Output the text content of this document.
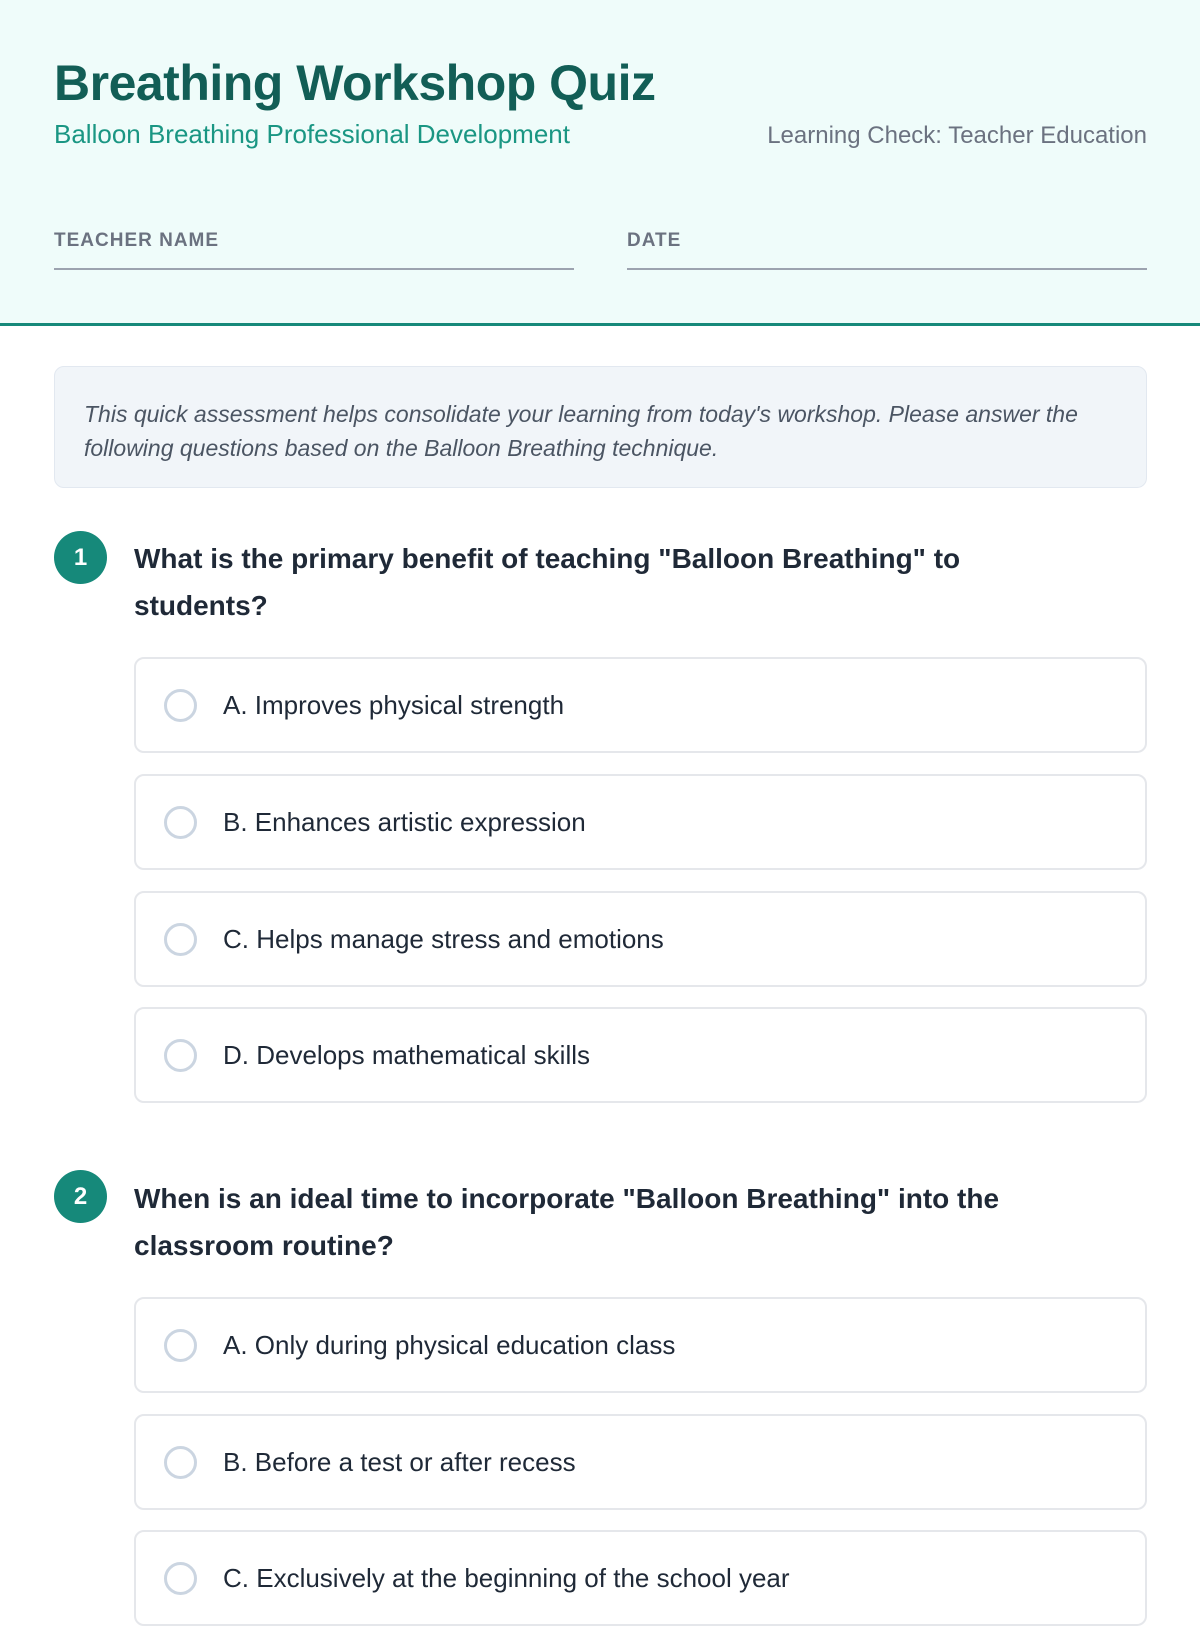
Breathing Workshop Quiz
Balloon Breathing Professional Development	Learning Check: Teacher Education
TEACHER NAME	DATE
This quick assessment helps consolidate your learning from today's workshop. Please answer the following questions based on the Balloon Breathing technique.
1	What is the primary benefit of teaching "Balloon Breathing" to students?
A. Improves physical strength
B. Enhances artistic expression
C. Helps manage stress and emotions
D. Develops mathematical skills
2	When is an ideal time to incorporate "Balloon Breathing" into the classroom routine?
A. Only during physical education class
B. Before a test or after recess
C. Exclusively at the beginning of the school year
